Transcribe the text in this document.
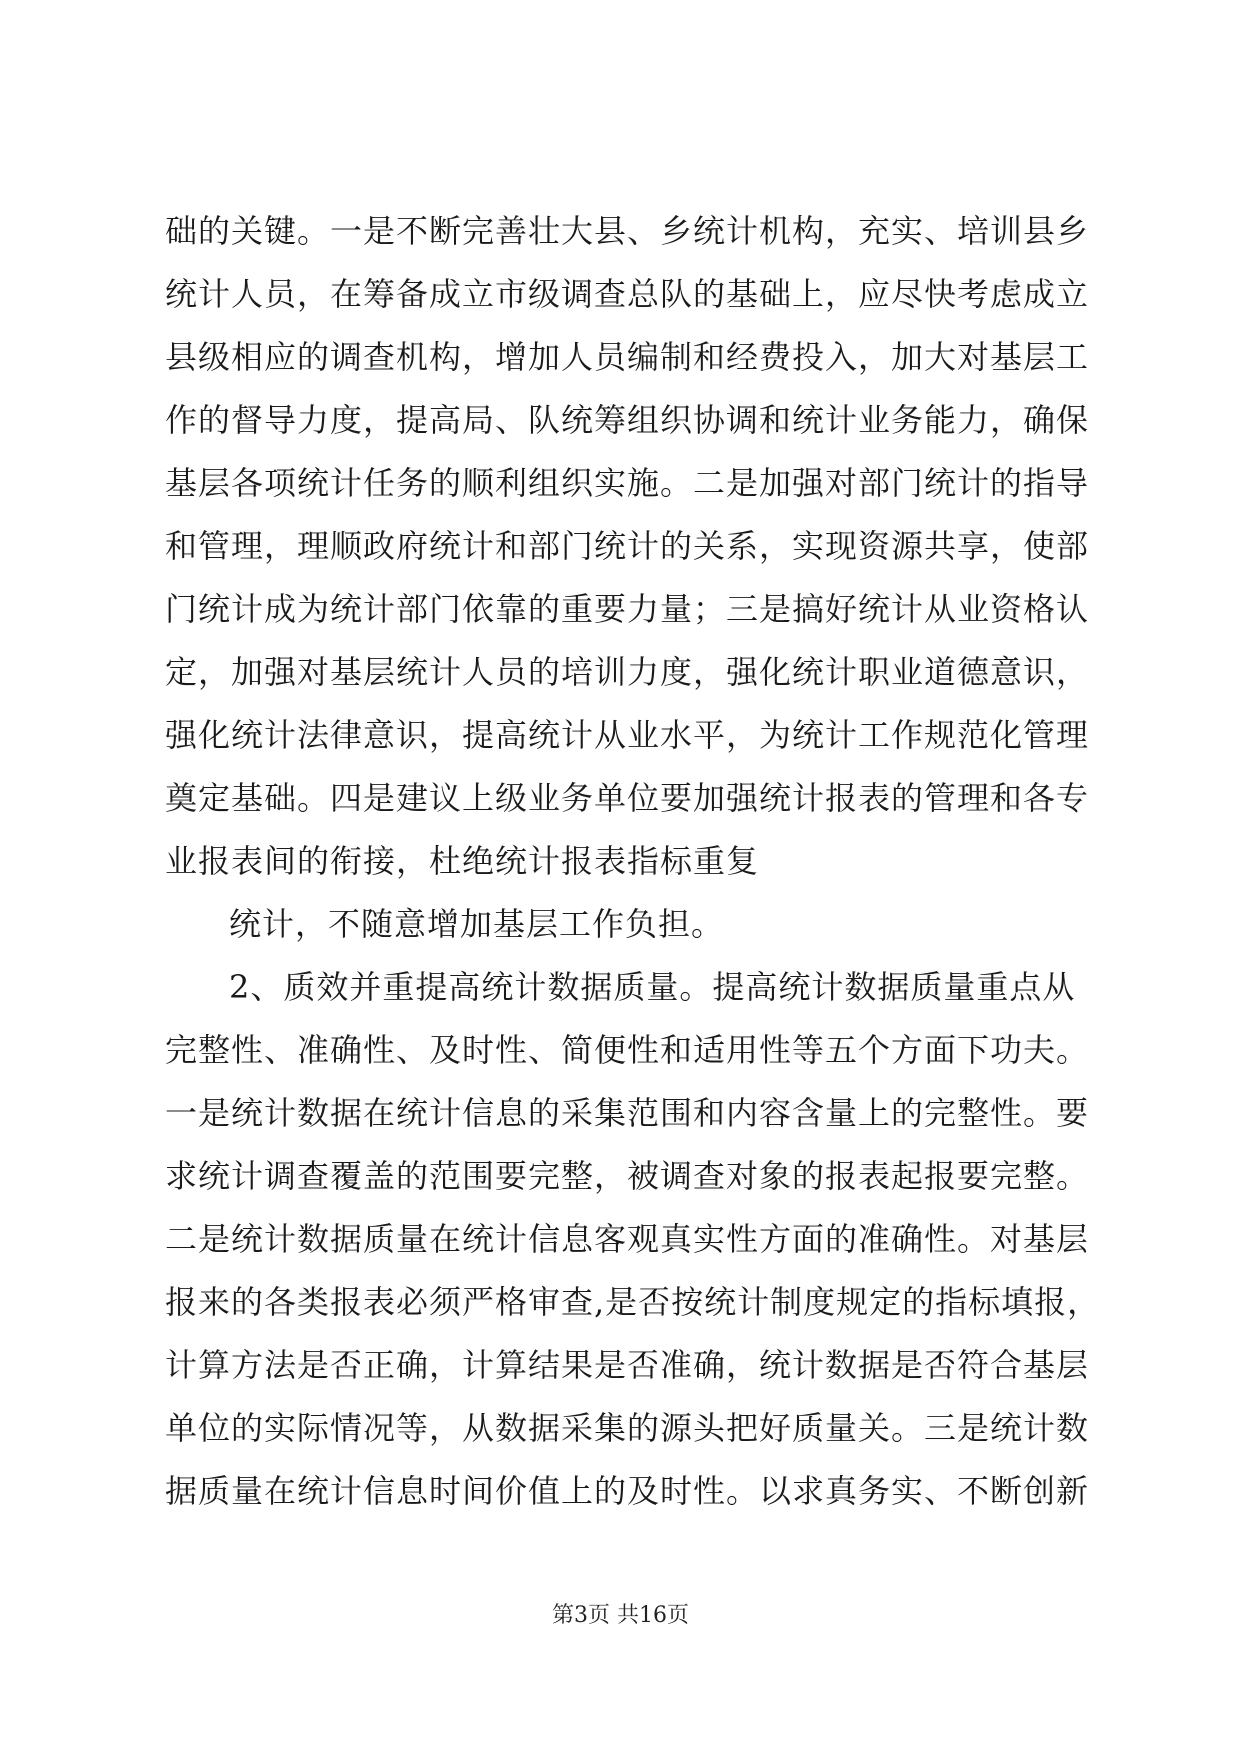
础的关键。一是不断完善壮大县、乡统计机构，充实、培训县乡
统计人员，在筹备成立市级调查总队的基础上，应尽快考虑成立
县级相应的调查机构，增加人员编制和经费投入，加大对基层工
作的督导力度，提高局、队统筹组织协调和统计业务能力，确保
基层各项统计任务的顺利组织实施。二是加强对部门统计的指导
和管理，理顺政府统计和部门统计的关系，实现资源共享，使部
门统计成为统计部门依靠的重要力量；三是搞好统计从业资格认
定，加强对基层统计人员的培训力度，强化统计职业道德意识，
强化统计法律意识，提高统计从业水平，为统计工作规范化管理
奠定基础。四是建议上级业务单位要加强统计报表的管理和各专
业报表间的衔接，杜绝统计报表指标重复
统计，不随意增加基层工作负担。
2、质效并重提高统计数据质量。提高统计数据质量重点从
完整性、准确性、及时性、简便性和适用性等五个方面下功夫。
一是统计数据在统计信息的采集范围和内容含量上的完整性。要
求统计调查覆盖的范围要完整，被调查对象的报表起报要完整。
二是统计数据质量在统计信息客观真实性方面的准确性。对基层
报来的各类报表必须严格审查,是否按统计制度规定的指标填报，
计算方法是否正确，计算结果是否准确，统计数据是否符合基层
单位的实际情况等，从数据采集的源头把好质量关。三是统计数
据质量在统计信息时间价值上的及时性。以求真务实、不断创新
第3页 共16页
